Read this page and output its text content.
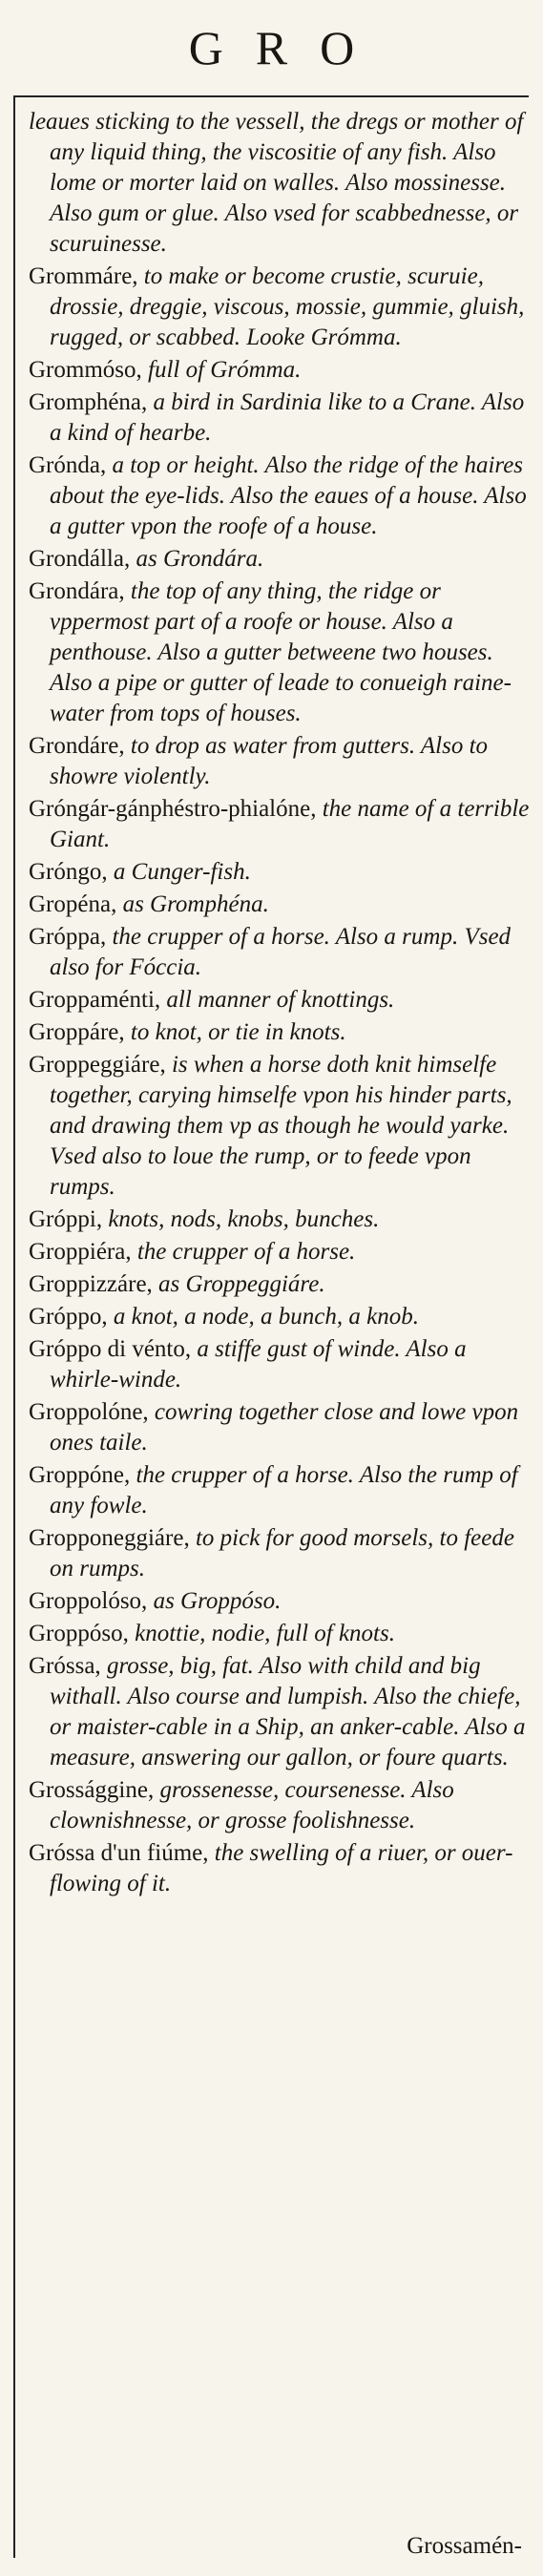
GRO
leaues sticking to the vessell, the dregs or mother of any liquid thing, the viscositie of any fish. Also lome or morter laid on walles. Also mossinesse. Also gum or glue. Also vsed for scabbednesse, or scuruinesse.
Grommáre, to make or become crustie, scuruie, drossie, dreggie, viscous, mossie, gummie, gluish, rugged, or scabbed. Looke Grómma.
Grommóso, full of Grómma.
Gromphéna, a bird in Sardinia like to a Crane. Also a kind of hearbe.
Grónda, a top or height. Also the ridge of the haires about the eye-lids. Also the eaues of a house. Also a gutter vpon the roofe of a house.
Grondálla, as Grondára.
Grondára, the top of any thing, the ridge or vppermost part of a roofe or house. Also a penthouse. Also a gutter betweene two houses. Also a pipe or gutter of leade to conueigh raine-water from tops of houses.
Grondáre, to drop as water from gutters. Also to showre violently.
Gróngár-gánphéstro-phialóne, the name of a terrible Giant.
Gróngo, a Cunger-fish.
Gropéna, as Gromphéna.
Gróppa, the crupper of a horse. Also a rump. Vsed also for Fóccia.
Groppaménti, all manner of knottings.
Groppáre, to knot, or tie in knots.
Groppeggiáre, is when a horse doth knit himselfe together, carying himselfe vpon his hinder parts, and drawing them vp as though he would yarke. Vsed also to loue the rump, or to feede vpon rumps.
Gróppi, knots, nods, knobs, bunches.
Groppiéra, the crupper of a horse.
Groppizzáre, as Groppeggiáre.
Gróppo, a knot, a node, a bunch, a knob.
Gróppo di vénto, a stiffe gust of winde. Also a whirle-winde.
Groppolóne, cowring together close and lowe vpon ones taile.
Groppóne, the crupper of a horse. Also the rump of any fowle.
Gropponeggiáre, to pick for good morsels, to feede on rumps.
Groppolóso, as Groppóso.
Groppóso, knottie, nodie, full of knots.
Gróssa, grosse, big, fat. Also with child and big withall. Also course and lumpish. Also the chiefe, or maister-cable in a Ship, an anker-cable. Also a measure, answering our gallon, or foure quarts.
Grossággine, grossenesse, coursenesse. Also clownishnesse, or grosse foolishnesse.
Gróssa d'un fiúme, the swelling of a riuer, or ouer-flowing of it.
Grossamén-
